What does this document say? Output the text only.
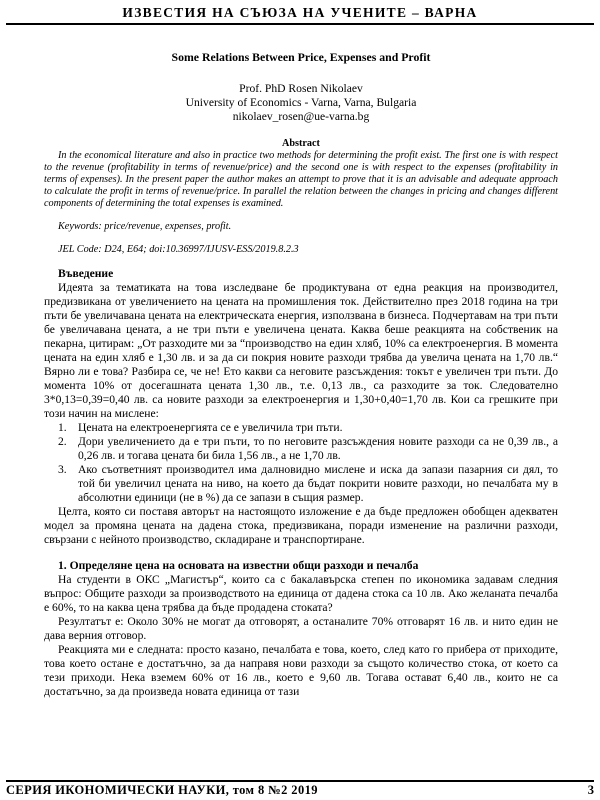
ИЗВЕСТИЯ НА СЪЮЗА НА УЧЕНИТЕ – ВАРНА
Some Relations Between Price, Expenses and Profit
Prof. PhD Rosen Nikolaev
University of Economics - Varna, Varna, Bulgaria
nikolaev_rosen@ue-varna.bg
Abstract

In the economical literature and also in practice two methods for determining the profit exist. The first one is with respect to the revenue (profitability in terms of revenue/price) and the second one is with respect to the expenses (profitability in terms of expenses). In the present paper the author makes an attempt to prove that it is an advisable and adequate approach to calculate the profit in terms of revenue/price. In parallel the relation between the changes in pricing and changes different components of determining the total expenses is examined.

Keywords: price/revenue, expenses, profit.
JEL Code: D24, E64; doi:10.36997/IJUSV-ESS/2019.8.2.3
Въведение

Идеята за тематиката на това изследване бе продиктувана от една реакция на производител, предизвикана от увеличението на цената на промишления ток. Действително през 2018 година на три пъти бе увеличавана цената на електрическата енергия, използвана в бизнеса. Подчертавам на три пъти бе увеличавана цената, а не три пъти е увеличена цената. Каква беше реакцията на собственик на пекарна, цитирам: „От разходите ми за “производство на един хляб, 10% са електроенергия. В момента цената на един хляб е 1,30 лв. и за да си покрия новите разходи трябва да увелича цената на 1,70 лв.“ Вярно ли е това? Разбира се, че не! Ето какви са неговите разсъждения: токът е увеличен три пъти. До момента 10% от досегашната цената 1,30 лв., т.е. 0,13 лв., са разходите за ток. Следователно 3*0,13=0,39=0,40 лв. са новите разходи за електроенергия и 1,30+0,40=1,70 лв. Кои са грешките при този начин на мислене:

1. Цената на електроенергията се е увеличила три пъти.
2. Дори увеличението да е три пъти, то по неговите разсъждения новите разходи са не 0,39 лв., а 0,26 лв. и тогава цената би била 1,56 лв., а не 1,70 лв.
3. Ако съответният производител има далновидно мислене и иска да запази пазарния си дял, то той би увеличил цената на ниво, на което да бъдат покрити новите разходи, но печалбата му в абсолютни единици (не в %) да се запази в същия размер.

Целта, която си поставя авторът на настоящото изложение е да бъде предложен обобщен адекватен модел за промяна цената на дадена стока, предизвикана, поради изменение на различни разходи, свързани с нейното производство, складиране и транспортиране.

1. Определяне цена на основата на известни общи разходи и печалба

На студенти в ОКС „Магистър“, които са с бакалавърска степен по икономика задавам следния въпрос: Общите разходи за производството на единица от дадена стока са 10 лв. Ако желаната печалба е 60%, то на каква цена трябва да бъде продадена стоката?

Резултатът е: Около 30% не могат да отговорят, а останалите 70% отговарят 16 лв. и нито един не дава верния отговор.

Реакцията ми е следната: просто казано, печалбата е това, което, след като го прибера от приходите, това което остане е достатъчно, за да направя нови разходи за същото количество стока, от което са тези приходи. Нека вземем 60% от 16 лв., което е 9,60 лв. Тогава остават 6,40 лв., които не са достатъчно, за да произведа новата единица от тази

СЕРИЯ ИКОНОМИЧЕСКИ НАУКИ, том 8 №2 2019	3
